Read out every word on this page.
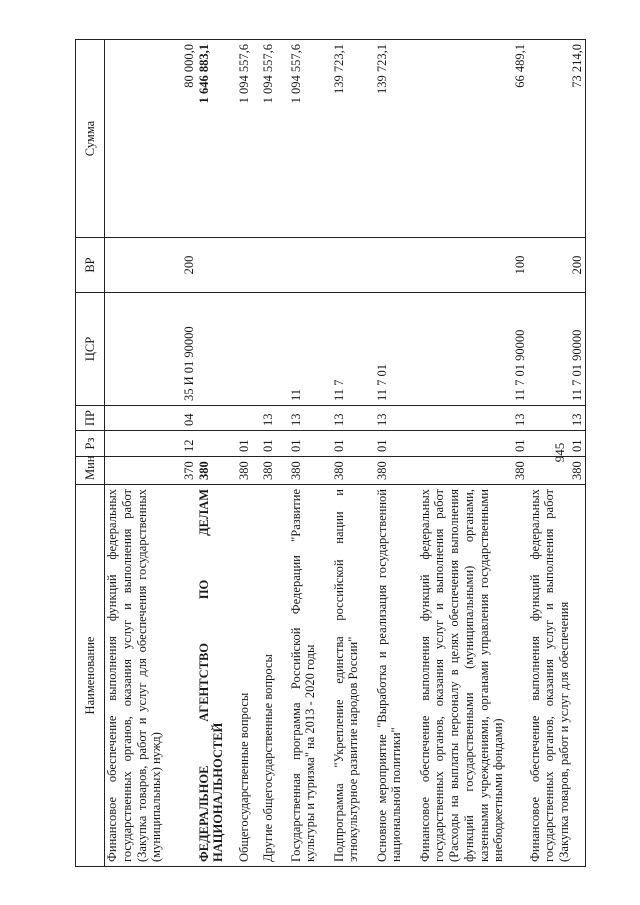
945
Наименование	Мин	Рз	ПР	ЦСР	ВР	Сумма
Финансовое обеспечение выполнения функций федеральных государственных органов, оказания услуг и выполнения работ (Закупка товаров, работ и услуг для обеспечения государственных (муниципальных) нужд)	370	12	04	35 И 01 90000	200	80 000,0
ФЕДЕРАЛЬНОЕ АГЕНТСТВО ПО ДЕЛАМ НАЦИОНАЛЬНОСТЕЙ	380					1 646 883,1
Общегосударственные вопросы	380	01				1 094 557,6
Другие общегосударственные вопросы	380	01	13			1 094 557,6
Государственная программа Российской Федерации "Развитие культуры и туризма" на 2013 - 2020 годы	380	01	13	11		1 094 557,6
Подпрограмма "Укрепление единства российской нации и этнокультурное развитие народов России"	380	01	13	11 7		139 723,1
Основное мероприятие "Выработка и реализация государственной национальной политики"	380	01	13	11 7 01		139 723,1
Финансовое обеспечение выполнения функций федеральных государственных органов, оказания услуг и выполнения работ (Расходы на выплаты персоналу в целях обеспечения выполнения функций государственными (муниципальными) органами, казенными учреждениями, органами управления государственными внебюджетными фондами)	380	01	13	11 7 01 90000	100	66 489,1
Финансовое обеспечение выполнения функций федеральных государственных органов, оказания услуг и выполнения работ (Закупка товаров, работ и услуг для обеспечения	380	01	13	11 7 01 90000	200	73 214,0
